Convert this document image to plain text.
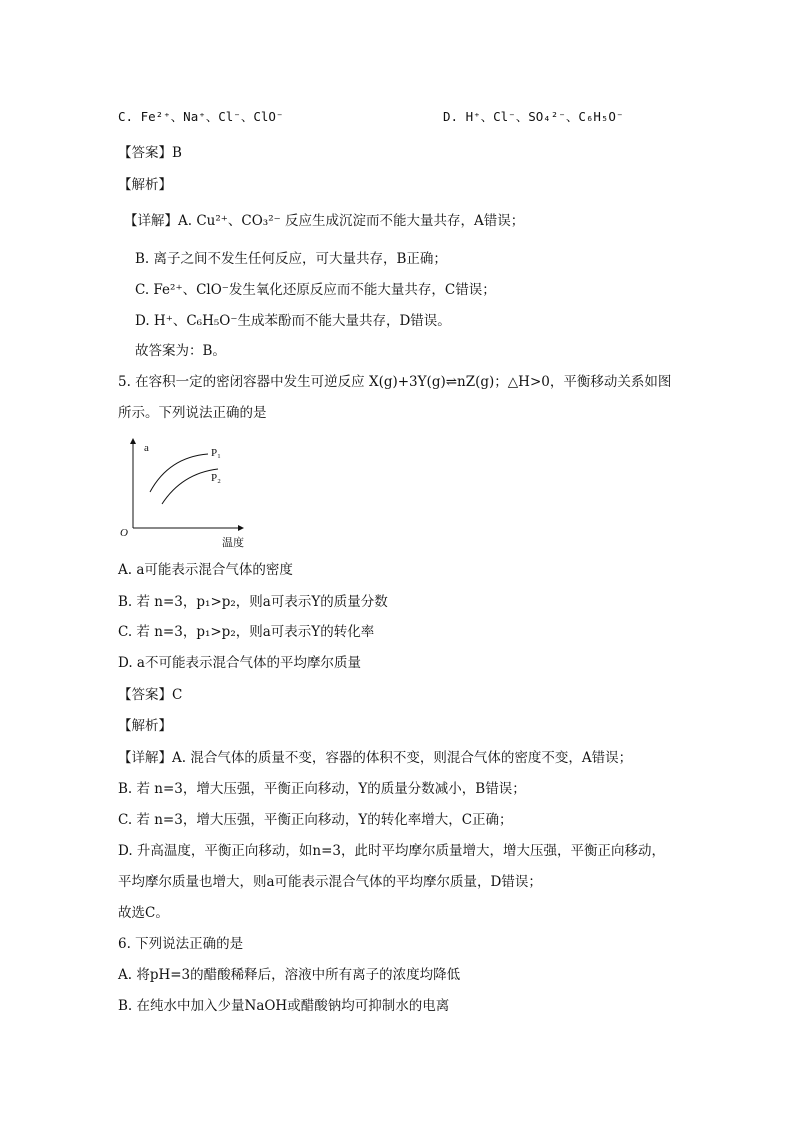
C. Fe²⁺、Na⁺、Cl⁻、ClO⁻	D. H⁺、Cl⁻、SO₄²⁻、C₆H₅O⁻
【答案】B
【解析】
【详解】A. Cu²⁺、CO₃²⁻ 反应生成沉淀而不能大量共存，A错误；
B. 离子之间不发生任何反应，可大量共存，B正确；
C. Fe²⁺、ClO⁻发生氧化还原反应而不能大量共存，C错误；
D. H⁺、C₆H₅O⁻生成苯酚而不能大量共存，D错误。
故答案为：B。
5. 在容积一定的密闭容器中发生可逆反应 X(g)+3Y(g)⇌nZ(g)；△H>0，平衡移动关系如图
所示。下列说法正确的是
a	P₁
P₂
O
温度
A. a可能表示混合气体的密度
B. 若 n=3，p₁>p₂，则a可表示Y的质量分数
C. 若 n=3，p₁>p₂，则a可表示Y的转化率
D. a不可能表示混合气体的平均摩尔质量
【答案】C
【解析】
【详解】A. 混合气体的质量不变，容器的体积不变，则混合气体的密度不变，A错误；
B. 若 n=3，增大压强，平衡正向移动，Y的质量分数减小，B错误；
C. 若 n=3，增大压强，平衡正向移动，Y的转化率增大，C正确；
D. 升高温度，平衡正向移动，如n=3，此时平均摩尔质量增大，增大压强，平衡正向移动，
平均摩尔质量也增大，则a可能表示混合气体的平均摩尔质量，D错误；
故选C。
6. 下列说法正确的是
A. 将pH=3的醋酸稀释后，溶液中所有离子的浓度均降低
B. 在纯水中加入少量NaOH或醋酸钠均可抑制水的电离
